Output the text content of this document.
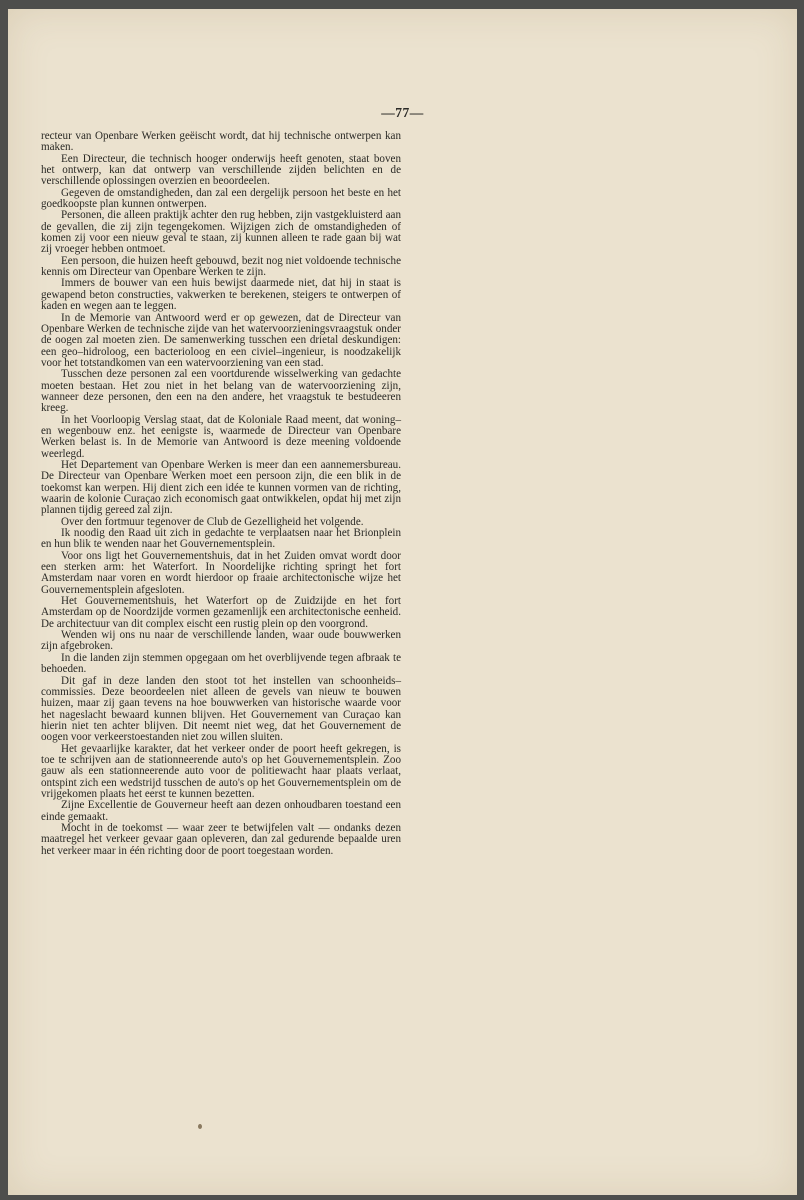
—77—

recteur van Openbare Werken geëischt wordt, dat hij technische ontwerpen kan maken.

Een Directeur, die technisch hooger onderwijs heeft genoten, staat boven het ontwerp, kan dat ontwerp van verschillende zijden belichten en de verschillende oplossingen overzien en beoordeelen.

Gegeven de omstandigheden, dan zal een dergelijk persoon het beste en het goedkoopste plan kunnen ontwerpen.

Personen, die alleen praktijk achter den rug hebben, zijn vastgekluisterd aan de gevallen, die zij zijn tegengekomen. Wijzigen zich de omstandigheden of komen zij voor een nieuw geval te staan, zij kunnen alleen te rade gaan bij wat zij vroeger hebben ontmoet.

Een persoon, die huizen heeft gebouwd, bezit nog niet voldoende technische kennis om Directeur van Openbare Werken te zijn.

Immers de bouwer van een huis bewijst daarmede niet, dat hij in staat is gewapend beton constructies, vakwerken te berekenen, steigers te ontwerpen of kaden en wegen aan te leggen.

In de Memorie van Antwoord werd er op gewezen, dat de Directeur van Openbare Werken de technische zijde van het watervoorzieningsvraagstuk onder de oogen zal moeten zien. De samenwerking tusschen een drietal deskundigen: een geo–hidroloog, een bacterioloog en een civiel–ingenieur, is noodzakelijk voor het totstandkomen van een watervoorziening van een stad.

Tusschen deze personen zal een voortdurende wisselwerking van gedachte moeten bestaan. Het zou niet in het belang van de watervoorziening zijn, wanneer deze personen, den een na den andere, het vraagstuk te bestudeeren kreeg.

In het Voorloopig Verslag staat, dat de Koloniale Raad meent, dat woning– en wegenbouw enz. het eenigste is, waarmede de Directeur van Openbare Werken belast is. In de Memorie van Antwoord is deze meening voldoende weerlegd.

Het Departement van Openbare Werken is meer dan een aannemersbureau. De Directeur van Openbare Werken moet een persoon zijn, die een blik in de toekomst kan werpen. Hij dient zich een idée te kunnen vormen van de richting, waarin de kolonie Curaçao zich economisch gaat ontwikkelen, opdat hij met zijn plannen tijdig gereed zal zijn.

Over den fortmuur tegenover de Club de Gezelligheid het volgende.

Ik noodig den Raad uit zich in gedachte te verplaatsen naar het Brionplein en hun blik te wenden naar het Gouvernementsplein.

Voor ons ligt het Gouvernementshuis, dat in het Zuiden omvat wordt door een sterken arm: het Waterfort. In Noordelijke richting springt het fort Amsterdam naar voren en wordt hierdoor op fraaie architectonische wijze het Gouvernementsplein afgesloten.

Het Gouvernementshuis, het Waterfort op de Zuidzijde en het fort Amsterdam op de Noordzijde vormen gezamenlijk een architectonische eenheid. De architectuur van dit complex eischt een rustig plein op den voorgrond.

Wenden wij ons nu naar de verschillende landen, waar oude bouwwerken zijn afgebroken.

In die landen zijn stemmen opgegaan om het overblijvende tegen afbraak te behoeden.

Dit gaf in deze landen den stoot tot het instellen van schoonheids–commissies. Deze beoordeelen niet alleen de gevels van nieuw te bouwen huizen, maar zij gaan tevens na hoe bouwwerken van historische waarde voor het nageslacht bewaard kunnen blijven. Het Gouvernement van Curaçao kan hierin niet ten achter blijven. Dit neemt niet weg, dat het Gouvernement de oogen voor verkeerstoestanden niet zou willen sluiten.

Het gevaarlijke karakter, dat het verkeer onder de poort heeft gekregen, is toe te schrijven aan de stationneerende auto's op het Gouvernementsplein. Zoo gauw als een stationneerende auto voor de politiewacht haar plaats verlaat, ontspint zich een wedstrijd tusschen de auto's op het Gouvernementsplein om de vrijgekomen plaats het eerst te kunnen bezetten.

Zijne Excellentie de Gouverneur heeft aan dezen onhoudbaren toestand een einde gemaakt.

Mocht in de toekomst — waar zeer te betwijfelen valt — ondanks dezen maatregel het verkeer gevaar gaan opleveren, dan zal gedurende bepaalde uren het verkeer maar in één richting door de poort toegestaan worden.
